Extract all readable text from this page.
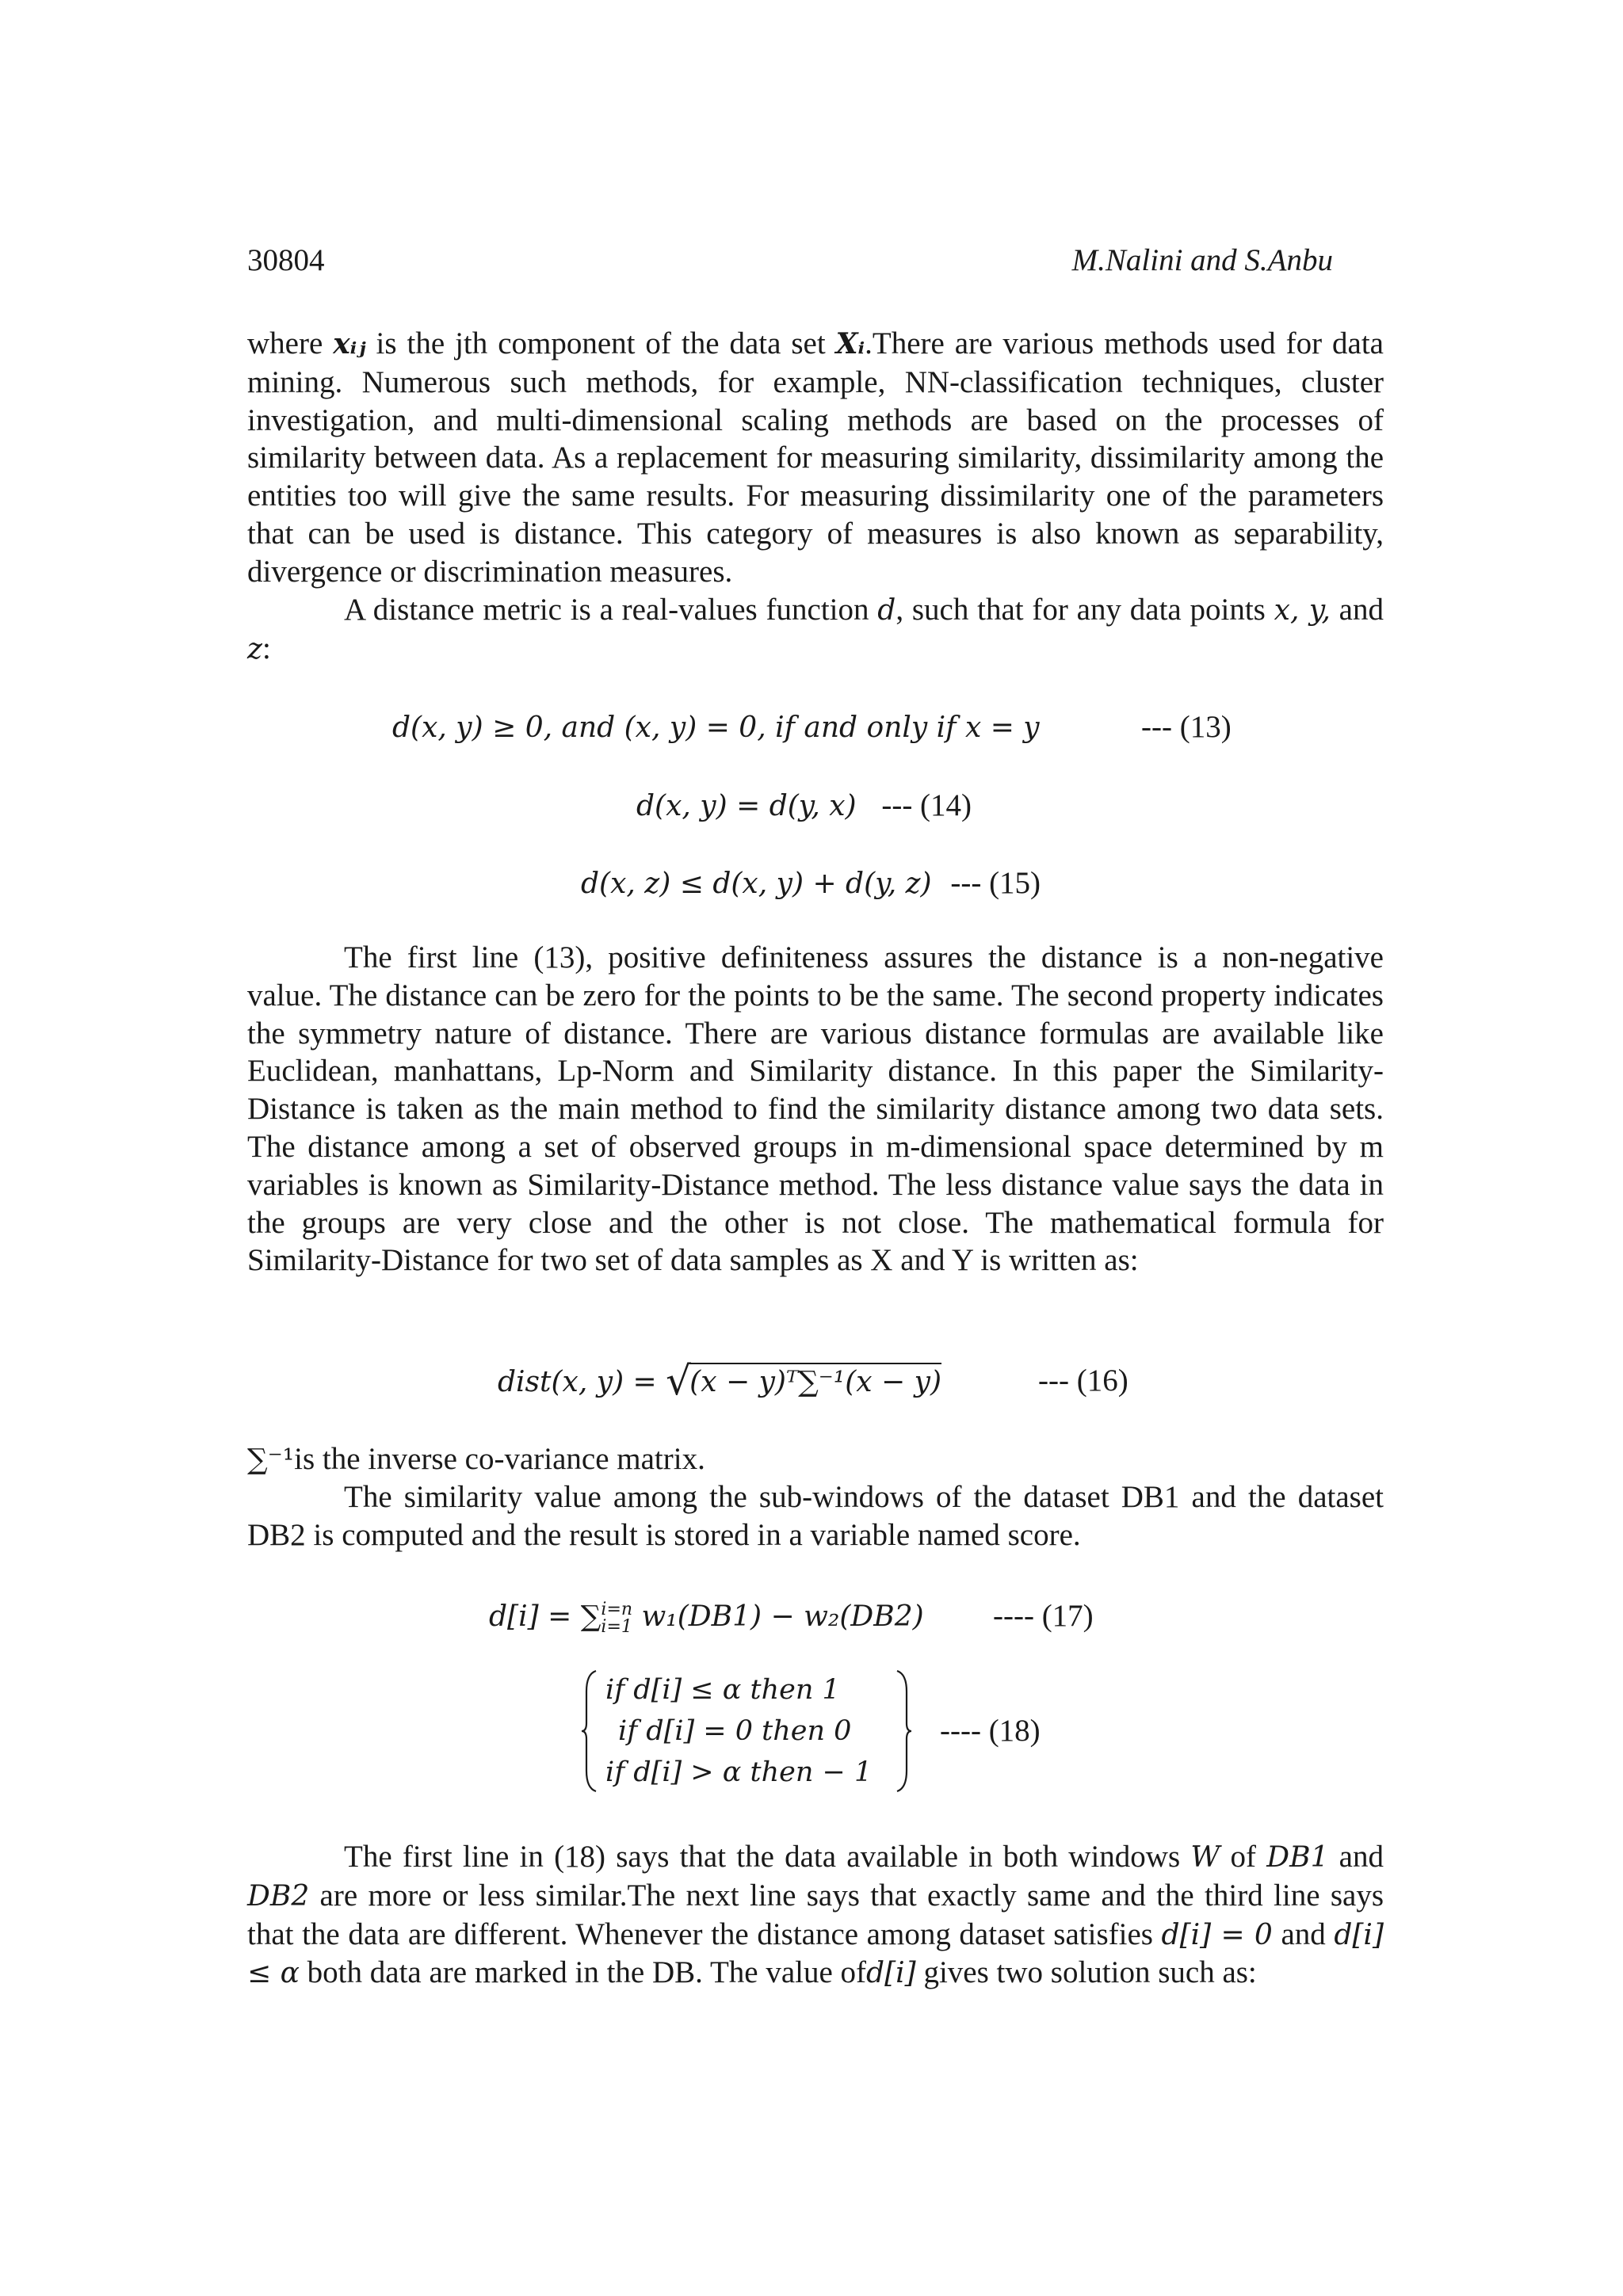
30804	M.Nalini and S.Anbu

where 𝒙ᵢⱼ is the jth component of the data set 𝑿ᵢ.There are various methods used for data mining. Numerous such methods, for example, NN-classification techniques, cluster investigation, and multi-dimensional scaling methods are based on the processes of similarity between data. As a replacement for measuring similarity, dissimilarity among the entities too will give the same results. For measuring dissimilarity one of the parameters that can be used is distance. This category of measures is also known as separability, divergence or discrimination measures.

A distance metric is a real-values function d, such that for any data points x, y, and z:

d(x, y) ≥ 0, and (x, y) = 0, if and only if x = y	--- (13)
d(x, y) = d(y, x) --- (14)
d(x, z) ≤ d(x, y) + d(y, z) --- (15)

The first line (13), positive definiteness assures the distance is a non-negative value. The distance can be zero for the points to be the same. The second property indicates the symmetry nature of distance. There are various distance formulas are available like Euclidean, manhattans, Lp-Norm and Similarity distance. In this paper the Similarity-Distance is taken as the main method to find the similarity distance among two data sets. The distance among a set of observed groups in m-dimensional space determined by m variables is known as Similarity-Distance method. The less distance value says the data in the groups are very close and the other is not close. The mathematical formula for Similarity-Distance for two set of data samples as X and Y is written as:

dist(x, y) = √
(x − y)ᵀ∑⁻¹(x − y)	--- (16)

∑⁻¹is the inverse co-variance matrix.

The similarity value among the sub-windows of the dataset DB1 and the dataset DB2 is computed and the result is stored in a variable named score.

d[i] = ∑ i=n
i=1 w₁(DB1) − w₂(DB2) ---- (17)
if d[i] ≤ α then 1
if d[i] = 0 then 0
if d[i] > α then − 1
---- (18)

The first line in (18) says that the data available in both windows W of DB1 and DB2 are more or less similar.The next line says that exactly same and the third line says that the data are different. Whenever the distance among dataset satisfies d[i] = 0 and d[i] ≤ α both data are marked in the DB. The value ofd[i] gives two solution such as:
